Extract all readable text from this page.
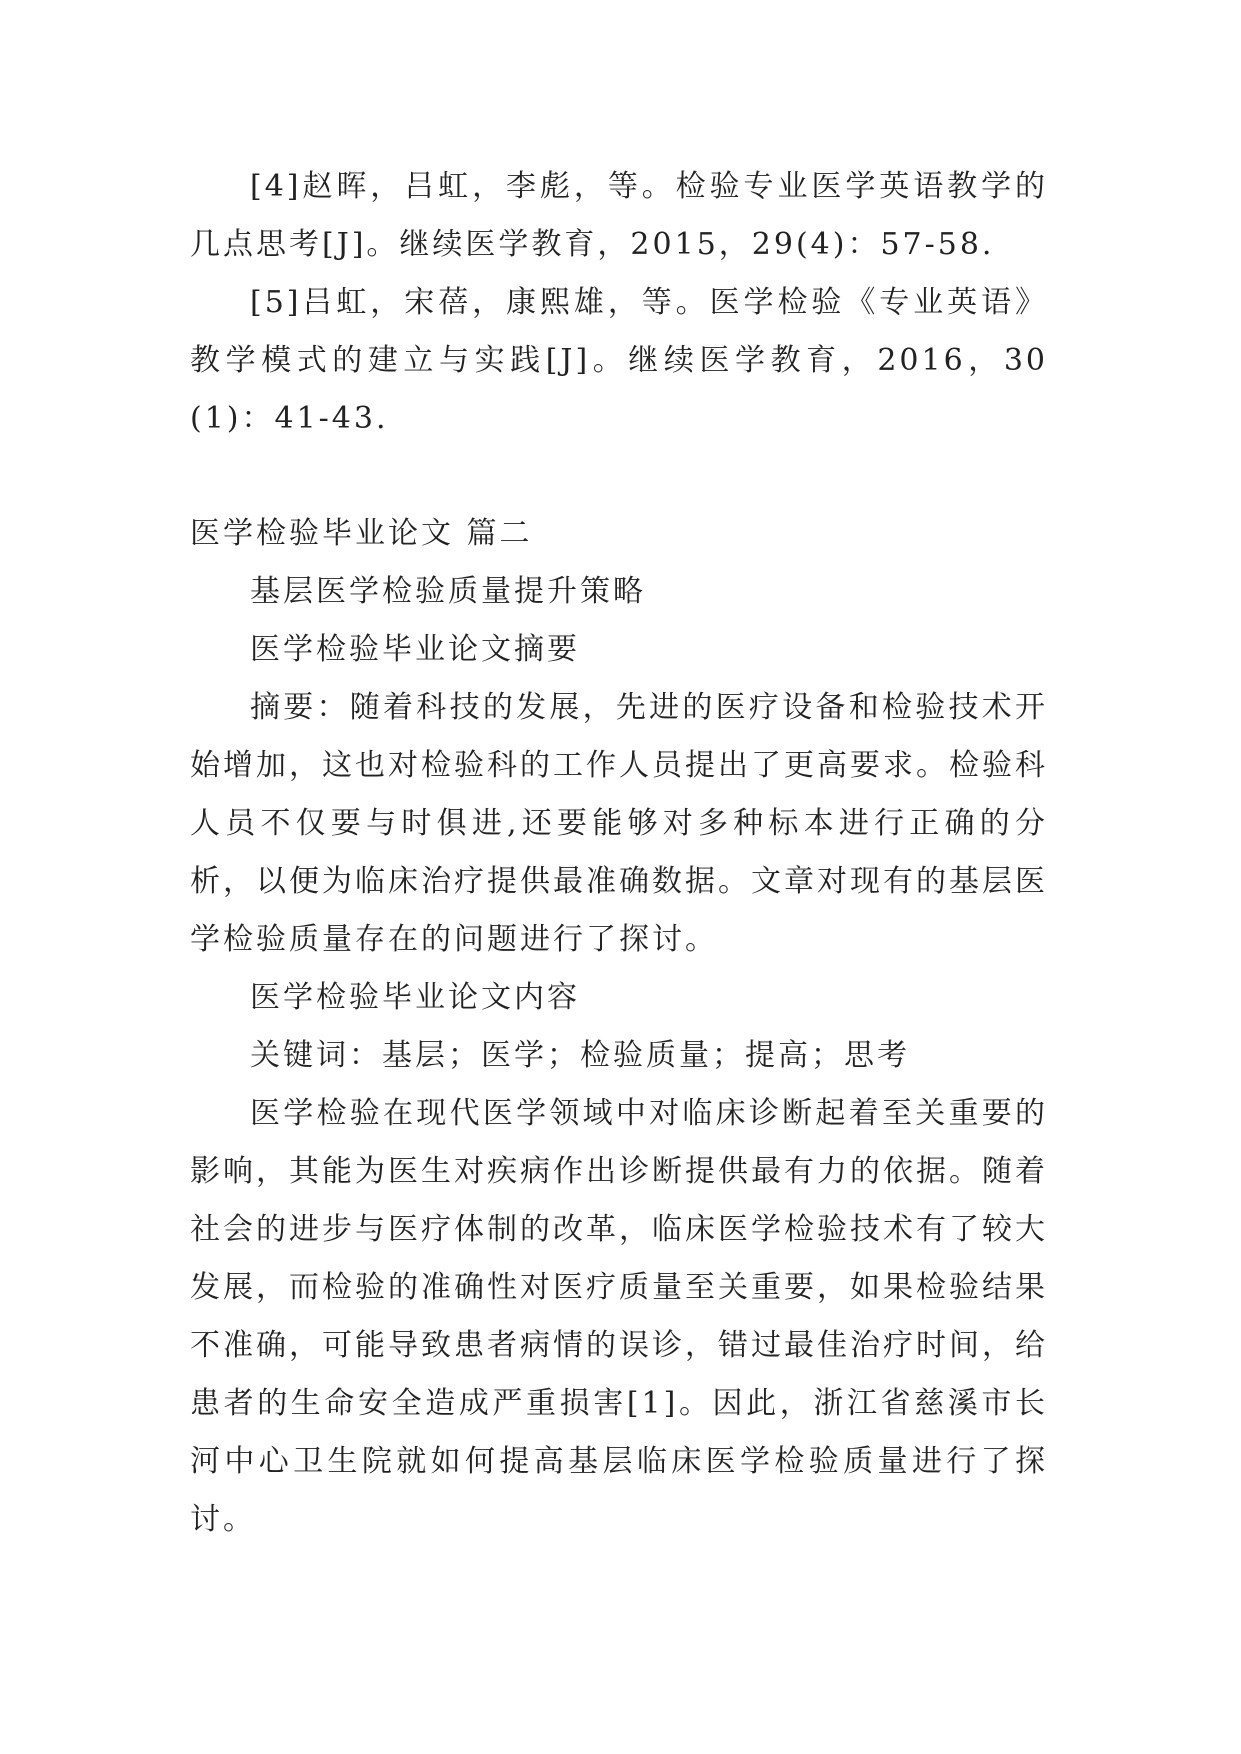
[4]赵晖，吕虹，李彪，等。检验专业医学英语教学的几点思考[J]。继续医学教育，2015，29(4)：57-58.

[5]吕虹，宋蓓，康熙雄，等。医学检验《专业英语》教学模式的建立与实践[J]。继续医学教育，2016，30(1)：41-43.

医学检验毕业论文 篇二

基层医学检验质量提升策略

医学检验毕业论文摘要

摘要：随着科技的发展，先进的医疗设备和检验技术开始增加，这也对检验科的工作人员提出了更高要求。检验科人员不仅要与时俱进,还要能够对多种标本进行正确的分析，以便为临床治疗提供最准确数据。文章对现有的基层医学检验质量存在的问题进行了探讨。

医学检验毕业论文内容

关键词：基层；医学；检验质量；提高；思考

医学检验在现代医学领域中对临床诊断起着至关重要的影响，其能为医生对疾病作出诊断提供最有力的依据。随着社会的进步与医疗体制的改革，临床医学检验技术有了较大发展，而检验的准确性对医疗质量至关重要，如果检验结果不准确，可能导致患者病情的误诊，错过最佳治疗时间，给患者的生命安全造成严重损害[1]。因此，浙江省慈溪市长河中心卫生院就如何提高基层临床医学检验质量进行了探讨。
